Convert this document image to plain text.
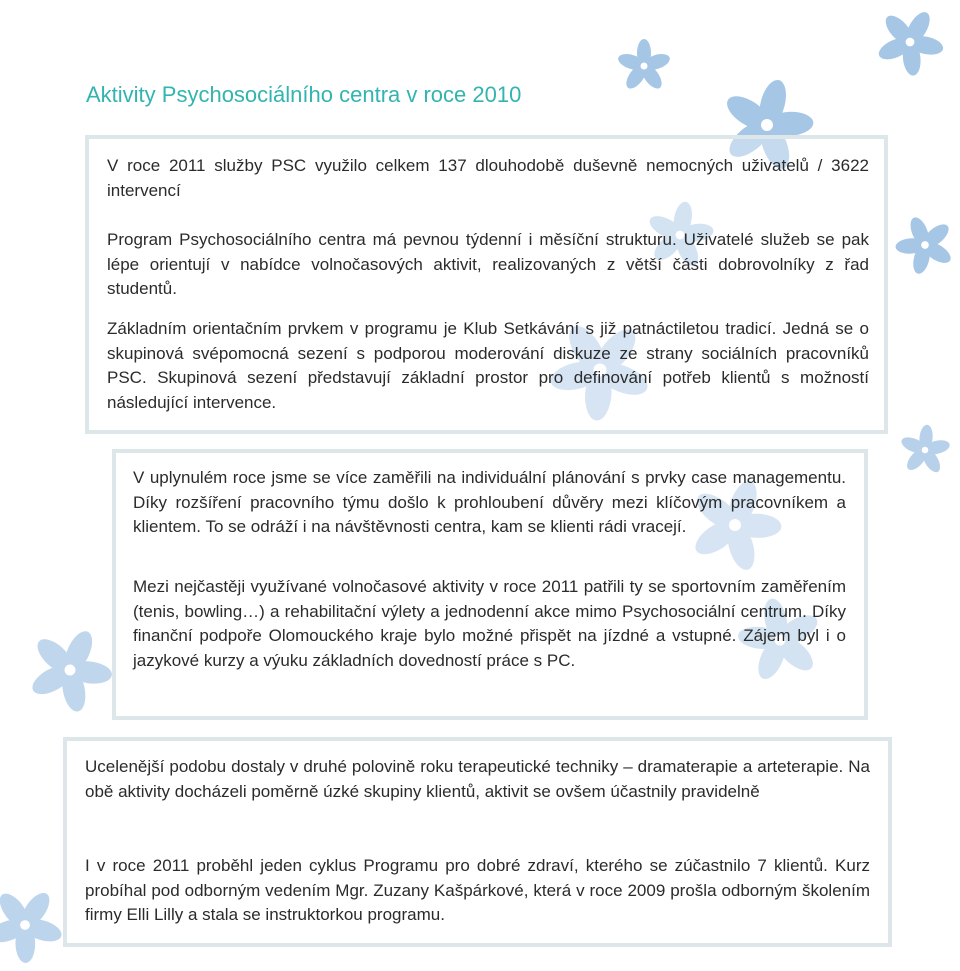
Aktivity Psychosociálního centra v roce 2010

V roce 2011 služby PSC využilo celkem 137 dlouhodobě duševně nemocných uživatelů / 3622 intervencí

Program Psychosociálního centra má pevnou týdenní i měsíční strukturu. Uživatelé služeb se pak lépe orientují v nabídce volnočasových aktivit, realizovaných z větší části dobrovolníky z řad studentů.

Základním orientačním prvkem v programu je Klub Setkávání s již patnáctiletou tradicí. Jedná se o skupinová svépomocná sezení s podporou moderování diskuze ze strany sociálních pracovníků PSC. Skupinová sezení představují základní prostor pro definování potřeb klientů s možností následující intervence.

V uplynulém roce jsme se více zaměřili na individuální plánování s prvky case managementu. Díky rozšíření pracovního týmu došlo k prohloubení důvěry mezi klíčovým pracovníkem a klientem. To se odráží i na návštěvnosti centra, kam se klienti rádi vracejí.

Mezi nejčastěji využívané volnočasové aktivity v roce 2011 patřili ty se sportovním zaměřením (tenis, bowling…) a rehabilitační výlety a jednodenní akce mimo Psychosociální centrum. Díky finanční podpoře Olomouckého kraje bylo možné přispět na jízdné a vstupné. Zájem byl i o jazykové kurzy a výuku základních dovedností práce s PC.

Ucelenější podobu dostaly v druhé polovině roku terapeutické techniky – dramaterapie a arteterapie. Na obě aktivity docházeli poměrně úzké skupiny klientů, aktivit se ovšem účastnily pravidelně

I v roce 2011 proběhl jeden cyklus Programu pro dobré zdraví, kterého se zúčastnilo 7 klientů. Kurz probíhal pod odborným vedením Mgr. Zuzany Kašpárkové, která v roce 2009 prošla odborným školením firmy Elli Lilly a stala se instruktorkou programu.
